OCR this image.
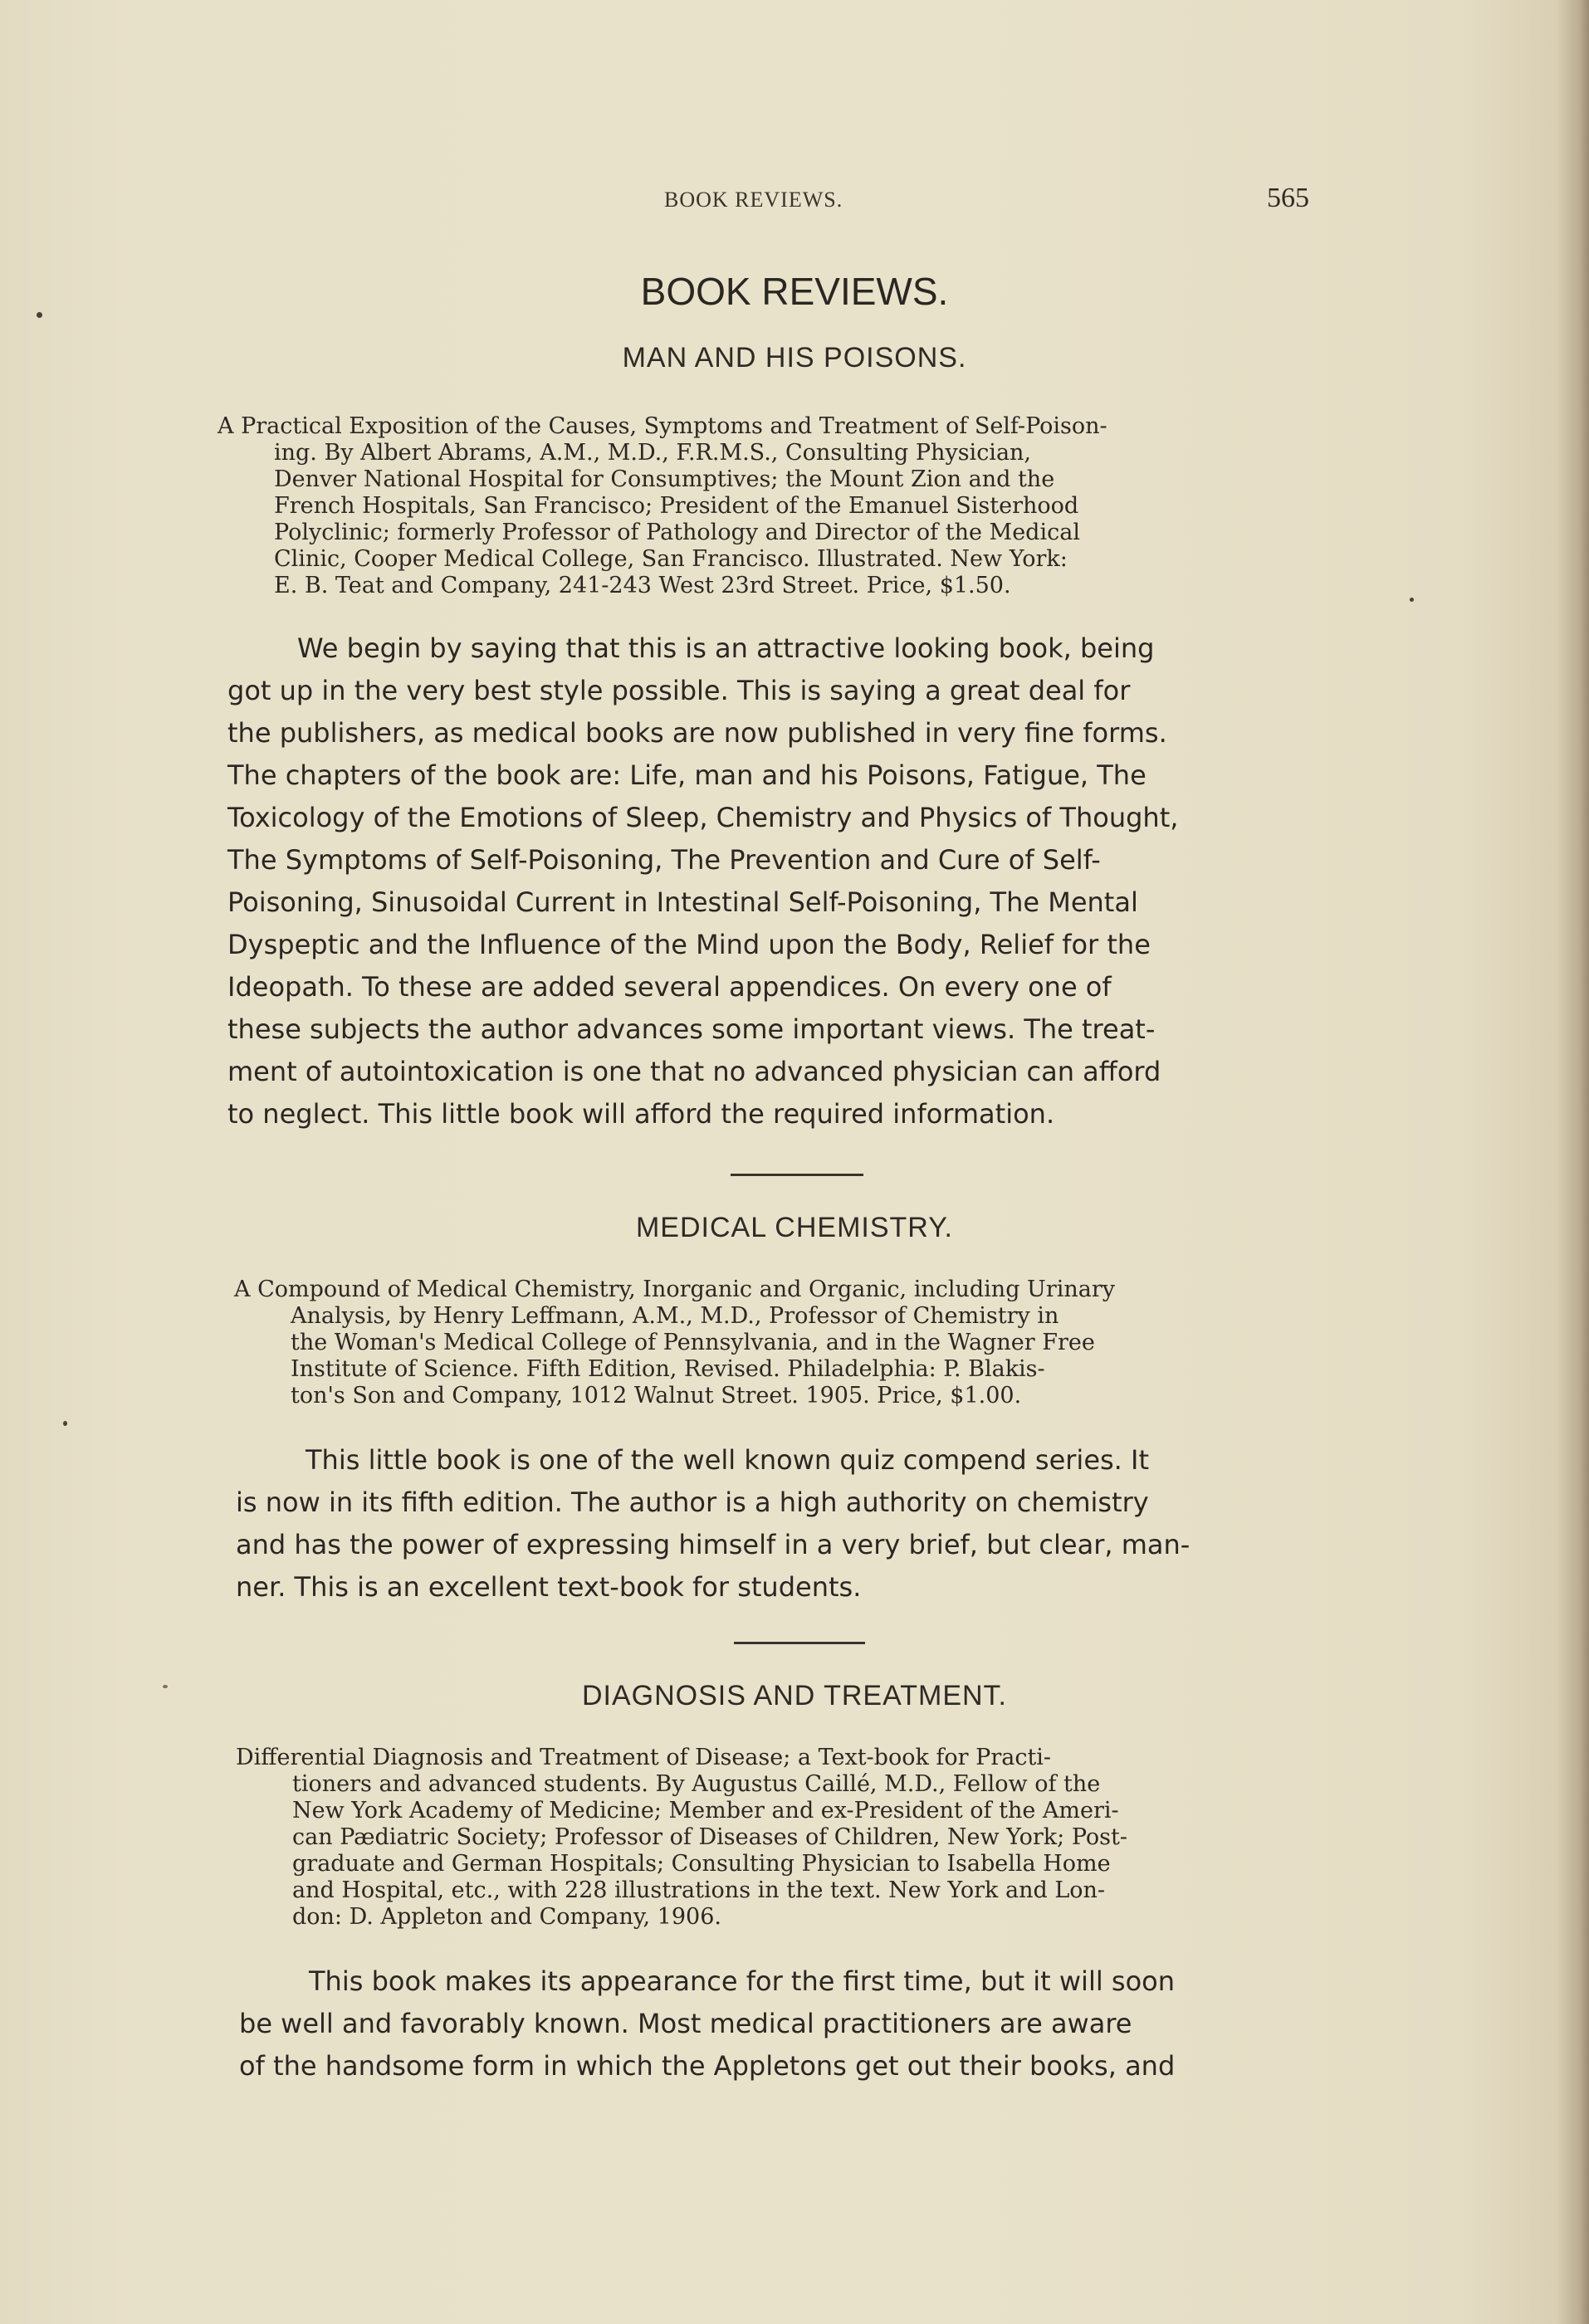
BOOK REVIEWS.	565
BOOK REVIEWS.
MAN AND HIS POISONS.
A Practical Exposition of the Causes, Symptoms and Treatment of Self-Poison-
ing. By Albert Abrams, A.M., M.D., F.R.M.S., Consulting Physician,
Denver National Hospital for Consumptives; the Mount Zion and the
French Hospitals, San Francisco; President of the Emanuel Sisterhood
Polyclinic; formerly Professor of Pathology and Director of the Medical
Clinic, Cooper Medical College, San Francisco. Illustrated. New York:
E. B. Teat and Company, 241-243 West 23rd Street. Price, $1.50.
We begin by saying that this is an attractive looking book, being
got up in the very best style possible. This is saying a great deal for
the publishers, as medical books are now published in very fine forms.
The chapters of the book are: Life, man and his Poisons, Fatigue, The
Toxicology of the Emotions of Sleep, Chemistry and Physics of Thought,
The Symptoms of Self-Poisoning, The Prevention and Cure of Self-
Poisoning, Sinusoidal Current in Intestinal Self-Poisoning, The Mental
Dyspeptic and the Influence of the Mind upon the Body, Relief for the
Ideopath. To these are added several appendices. On every one of
these subjects the author advances some important views. The treat-
ment of autointoxication is one that no advanced physician can afford
to neglect. This little book will afford the required information.
MEDICAL CHEMISTRY.
A Compound of Medical Chemistry, Inorganic and Organic, including Urinary
Analysis, by Henry Leffmann, A.M., M.D., Professor of Chemistry in
the Woman's Medical College of Pennsylvania, and in the Wagner Free
Institute of Science. Fifth Edition, Revised. Philadelphia: P. Blakis-
ton's Son and Company, 1012 Walnut Street. 1905. Price, $1.00.
This little book is one of the well known quiz compend series. It
is now in its fifth edition. The author is a high authority on chemistry
and has the power of expressing himself in a very brief, but clear, man-
ner. This is an excellent text-book for students.
DIAGNOSIS AND TREATMENT.
Differential Diagnosis and Treatment of Disease; a Text-book for Practi-
tioners and advanced students. By Augustus Caillé, M.D., Fellow of the
New York Academy of Medicine; Member and ex-President of the Ameri-
can Pædiatric Society; Professor of Diseases of Children, New York; Post-
graduate and German Hospitals; Consulting Physician to Isabella Home
and Hospital, etc., with 228 illustrations in the text. New York and Lon-
don: D. Appleton and Company, 1906.
This book makes its appearance for the first time, but it will soon
be well and favorably known. Most medical practitioners are aware
of the handsome form in which the Appletons get out their books, and
